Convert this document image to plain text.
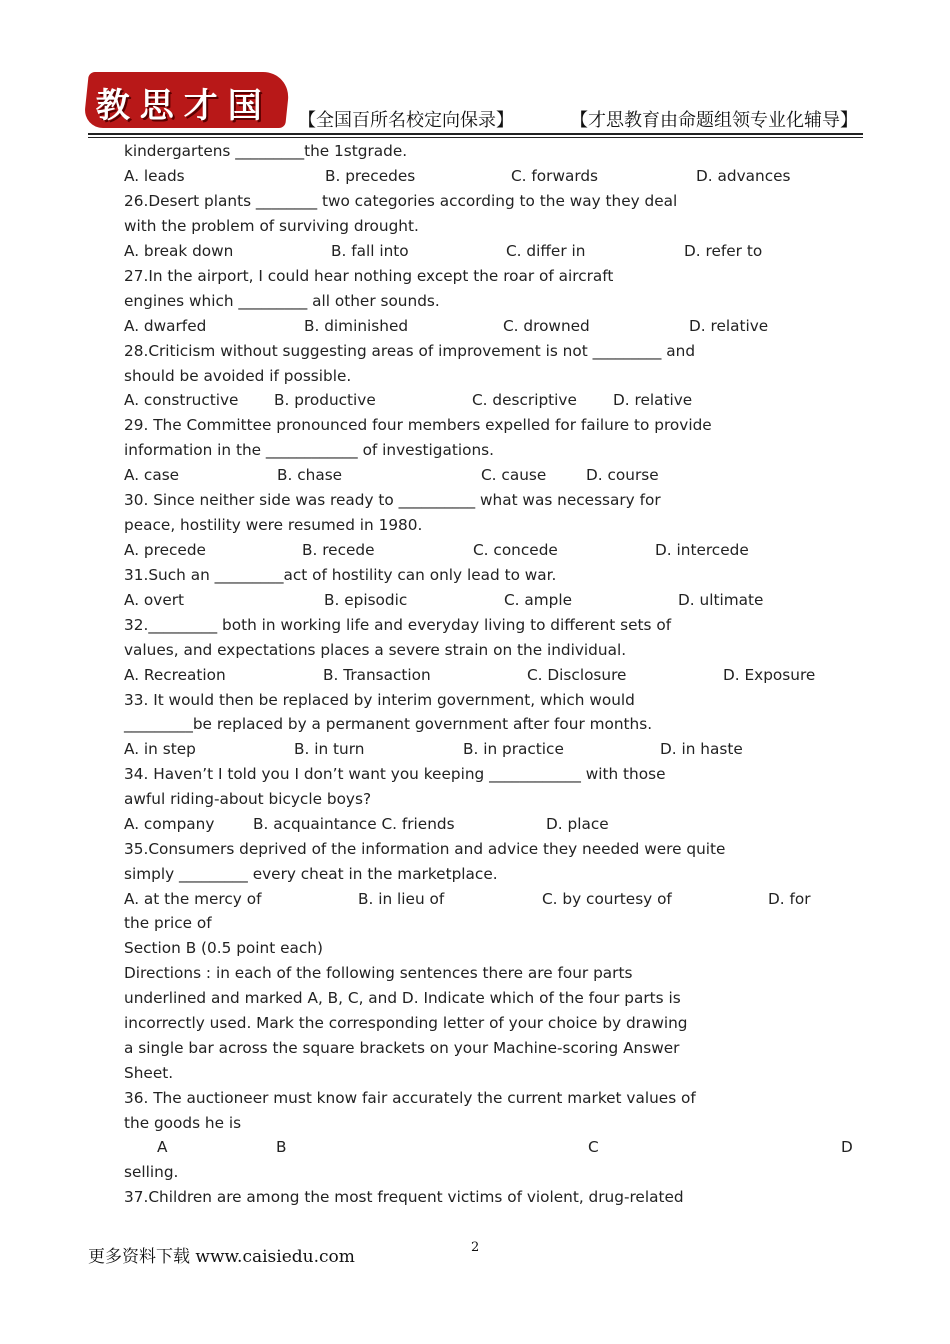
教思才国	【全国百所名校定向保录】	【才思教育由命题组领专业化辅导】
kindergartens _________the 1stgrade.
A. leads	B. precedes	C. forwards	D. advances
26.Desert plants ________ two categories according to the way they deal
with the problem of surviving drought.
A. break down	B. fall into	C. differ in	D. refer to
27.In the airport, I could hear nothing except the roar of aircraft
engines which _________ all other sounds.
A. dwarfed	B. diminished	C. drowned	D. relative
28.Criticism without suggesting areas of improvement is not _________ and
should be avoided if possible.
A. constructive B. productive	C. descriptive D. relative
29. The Committee pronounced four members expelled for failure to provide
information in the ____________ of investigations.
A. case	B. chase	C. cause	D. course
30. Since neither side was ready to __________ what was necessary for
peace, hostility were resumed in 1980.
A. precede	B. recede	C. concede	D. intercede
31.Such an _________act of hostility can only lead to war.
A. overt	B. episodic	C. ample	D. ultimate
32._________ both in working life and everyday living to different sets of
values, and expectations places a severe strain on the individual.
A. Recreation	B. Transaction	C. Disclosure	D. Exposure
33. It would then be replaced by interim government, which would
_________be replaced by a permanent government after four months.
A. in step	B. in turn	B. in practice	D. in haste
34. Haven’t I told you I don’t want you keeping ____________ with those
awful riding-about bicycle boys?
A. company	B. acquaintance C. friends	D. place
35.Consumers deprived of the information and advice they needed were quite
simply _________ every cheat in the marketplace.
A. at the mercy of	B. in lieu of	C. by courtesy of	D. for
the price of
Section B (0.5 point each)
Directions : in each of the following sentences there are four parts
underlined and marked A, B, C, and D. Indicate which of the four parts is
incorrectly used. Mark the corresponding letter of your choice by drawing
a single bar across the square brackets on your Machine-scoring Answer
Sheet.
36. The auctioneer must know fair accurately the current market values of
the goods he is
A	B	C	D
selling.
37.Children are among the most frequent victims of violent, drug-related
更多资料下载 www.caisiedu.com	2
